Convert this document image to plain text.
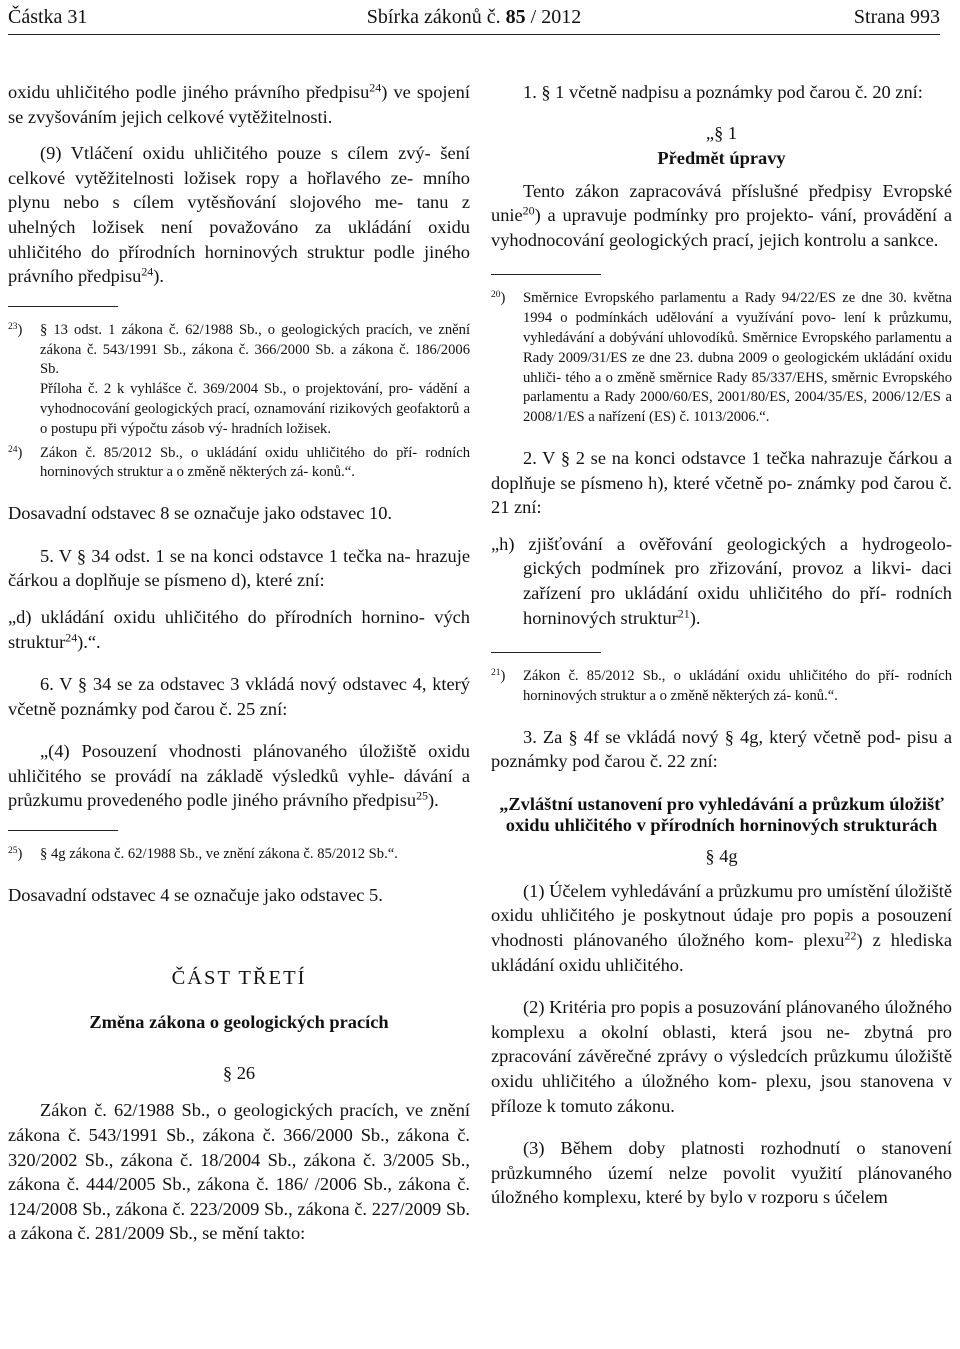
Částka 31	Sbírka zákonů č. 85 / 2012	Strana 993

oxidu uhličitého podle jiného právního předpisu$^{24}$) ve spojení se zvyšováním jejich celkové vytěžitelnosti.

(9) Vtláčení oxidu uhličitého pouze s cílem zvý- šení celkové vytěžitelnosti ložisek ropy a hořlavého ze- mního plynu nebo s cílem vytěsňování slojového me- tanu z uhelných ložisek není považováno za ukládání oxidu uhličitého do přírodních horninových struktur podle jiného právního předpisu$^{24}$).

$^{23}$) § 13 odst. 1 zákona č. 62/1988 Sb., o geologických pracích, ve znění zákona č. 543/1991 Sb., zákona č. 366/2000 Sb. a zákona č. 186/2006 Sb.
Příloha č. 2 k vyhlášce č. 369/2004 Sb., o projektování, pro- vádění a vyhodnocování geologických prací, oznamování rizikových geofaktorů a o postupu při výpočtu zásob vý- hradních ložisek.
$^{24}$) Zákon č. 85/2012 Sb., o ukládání oxidu uhličitého do pří- rodních horninových struktur a o změně některých zá- konů.“.

Dosavadní odstavec 8 se označuje jako odstavec 10.

5. V § 34 odst. 1 se na konci odstavce 1 tečka na- hrazuje čárkou a doplňuje se písmeno d), které zní:

„d) ukládání oxidu uhličitého do přírodních hornino- vých struktur$^{24}$).“.

6. V § 34 se za odstavec 3 vkládá nový odstavec 4, který včetně poznámky pod čarou č. 25 zní:

„(4) Posouzení vhodnosti plánovaného úložiště oxidu uhličitého se provádí na základě výsledků vyhle- dávání a průzkumu provedeného podle jiného právního předpisu$^{25}$).

$^{25}$) § 4g zákona č. 62/1988 Sb., ve znění zákona č. 85/2012 Sb.“.

Dosavadní odstavec 4 se označuje jako odstavec 5.

ČÁST TŘETÍ
Změna zákona o geologických pracích
§ 26

Zákon č. 62/1988 Sb., o geologických pracích, ve znění zákona č. 543/1991 Sb., zákona č. 366/2000 Sb., zákona č. 320/2002 Sb., zákona č. 18/2004 Sb., zákona č. 3/2005 Sb., zákona č. 444/2005 Sb., zákona č. 186/ /2006 Sb., zákona č. 124/2008 Sb., zákona č. 223/2009 Sb., zákona č. 227/2009 Sb. a zákona č. 281/2009 Sb., se mění takto:

1. § 1 včetně nadpisu a poznámky pod čarou č. 20 zní:

„§ 1
Předmět úpravy

Tento zákon zapracovává příslušné předpisy Evropské unie$^{20}$) a upravuje podmínky pro projekto- vání, provádění a vyhodnocování geologických prací, jejich kontrolu a sankce.

$^{20}$) Směrnice Evropského parlamentu a Rady 94/22/ES ze dne 30. května 1994 o podmínkách udělování a využívání povo- lení k průzkumu, vyhledávání a dobývání uhlovodíků. Směrnice Evropského parlamentu a Rady 2009/31/ES ze dne 23. dubna 2009 o geologickém ukládání oxidu uhliči- tého a o změně směrnice Rady 85/337/EHS, směrnic Evropského parlamentu a Rady 2000/60/ES, 2001/80/ES, 2004/35/ES, 2006/12/ES a 2008/1/ES a nařízení (ES) č. 1013/2006.“.

2. V § 2 se na konci odstavce 1 tečka nahrazuje čárkou a doplňuje se písmeno h), které včetně po- známky pod čarou č. 21 zní:

„h) zjišťování a ověřování geologických a hydrogeolo- gických podmínek pro zřizování, provoz a likvi- daci zařízení pro ukládání oxidu uhličitého do pří- rodních horninových struktur$^{21}$).

$^{21}$) Zákon č. 85/2012 Sb., o ukládání oxidu uhličitého do pří- rodních horninových struktur a o změně některých zá- konů.“.

3. Za § 4f se vkládá nový § 4g, který včetně pod- pisu a poznámky pod čarou č. 22 zní:

„Zvláštní ustanovení pro vyhledávání a průzkum úložišť oxidu uhličitého v přírodních horninových strukturách
§ 4g

(1) Účelem vyhledávání a průzkumu pro umístění úložiště oxidu uhličitého je poskytnout údaje pro popis a posouzení vhodnosti plánovaného úložného kom- plexu$^{22}$) z hlediska ukládání oxidu uhličitého.

(2) Kritéria pro popis a posuzování plánovaného úložného komplexu a okolní oblasti, která jsou ne- zbytná pro zpracování závěrečné zprávy o výsledcích průzkumu úložiště oxidu uhličitého a úložného kom- plexu, jsou stanovena v příloze k tomuto zákonu.

(3) Během doby platnosti rozhodnutí o stanovení průzkumného území nelze povolit využití plánovaného úložného komplexu, které by bylo v rozporu s účelem
